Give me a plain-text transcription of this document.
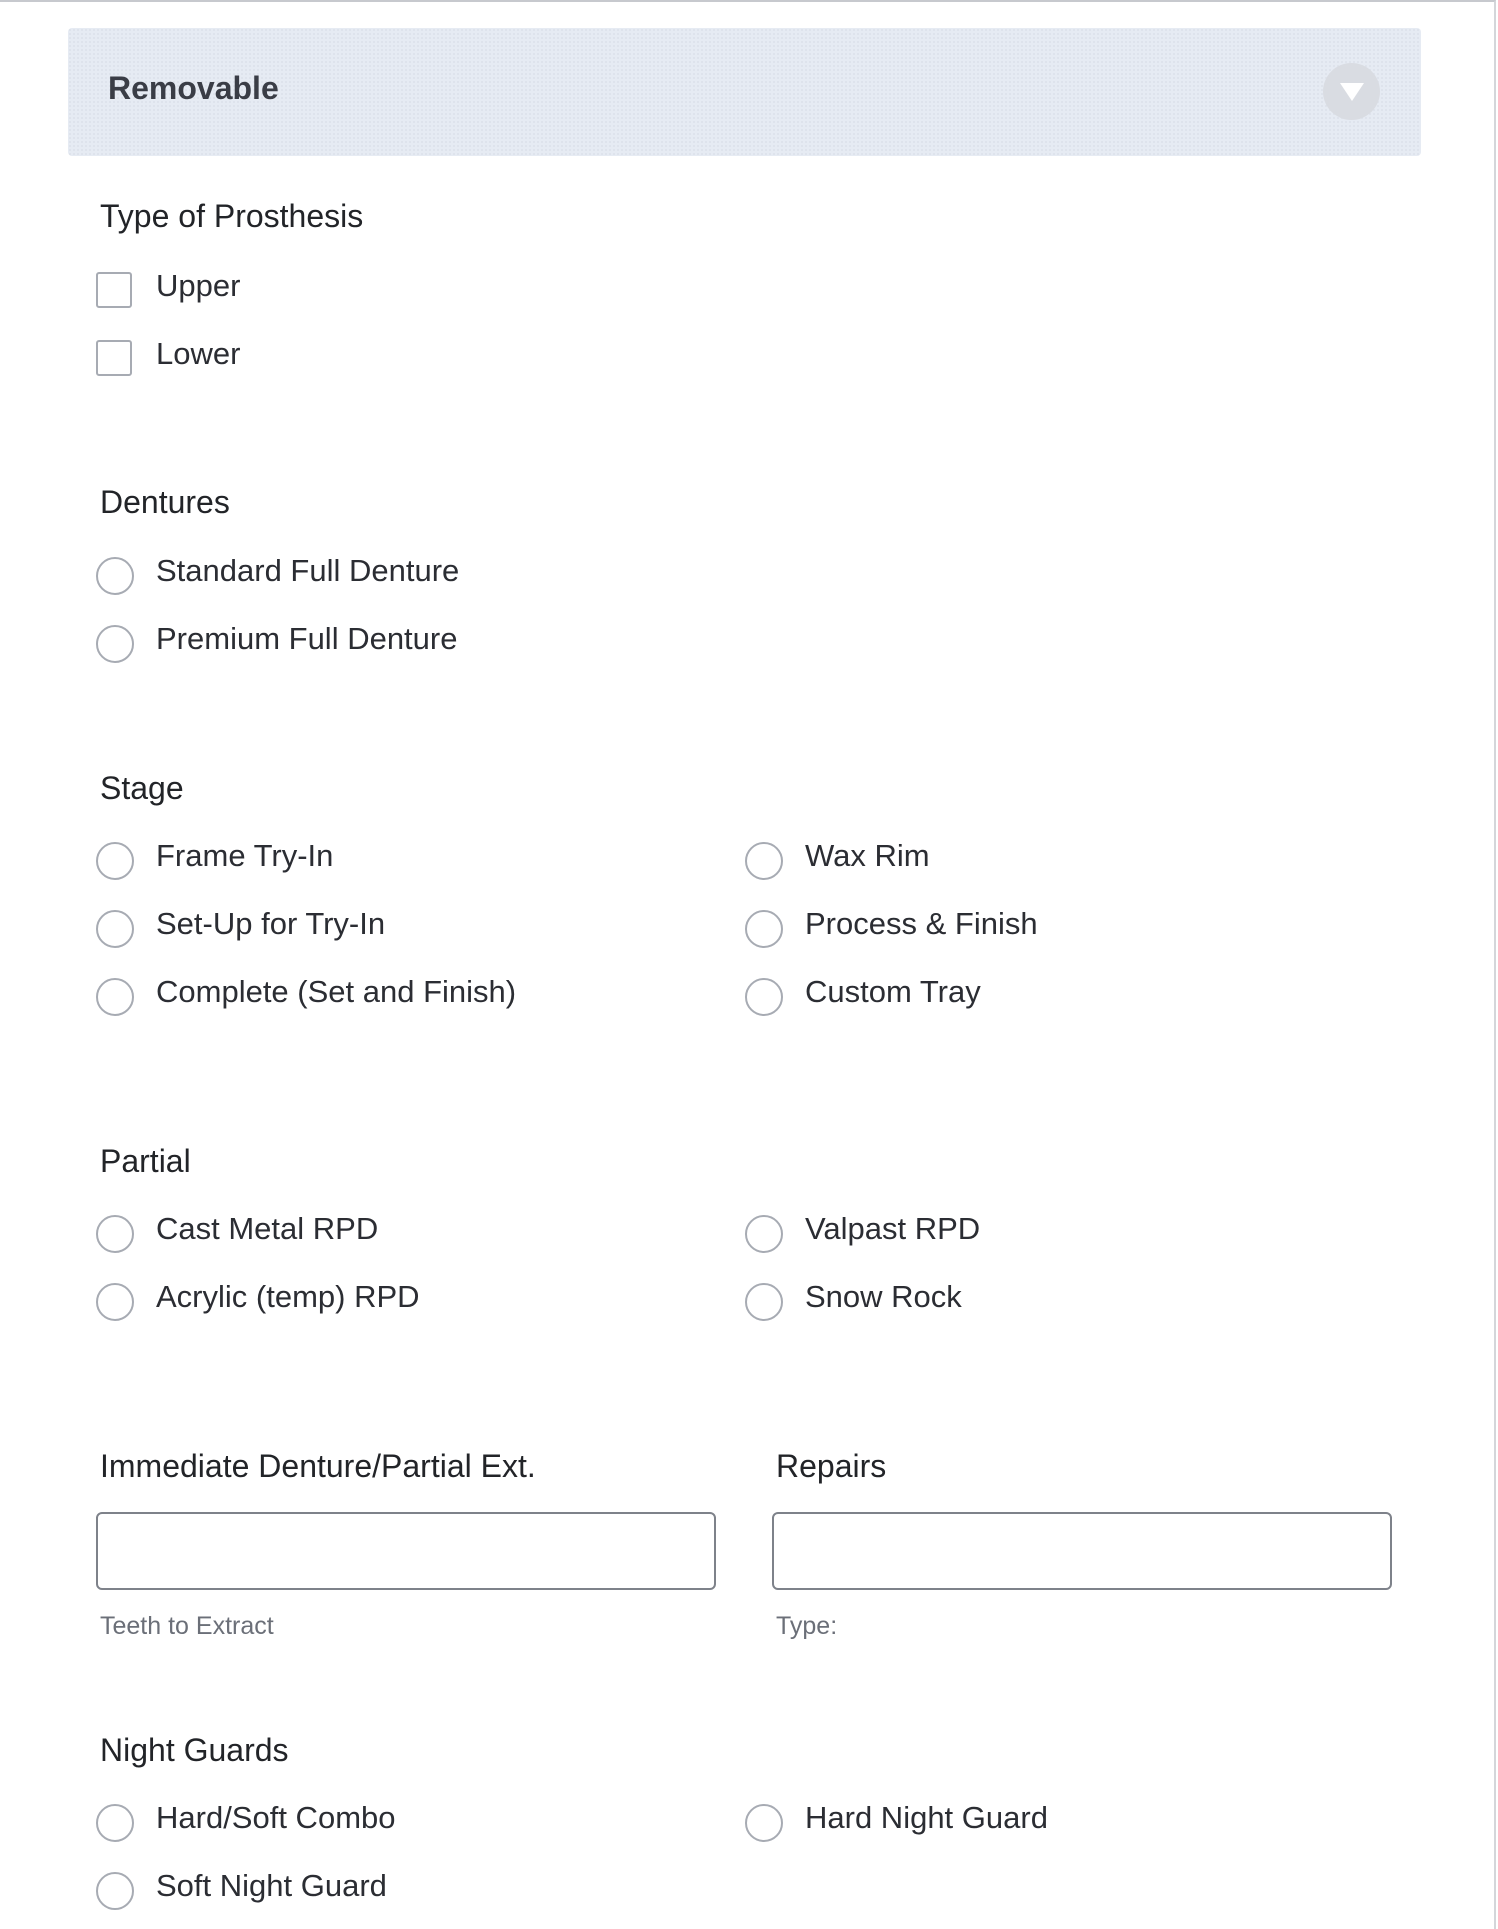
Removable
Type of Prosthesis
Upper
Lower
Dentures
Standard Full Denture
Premium Full Denture
Stage
Frame Try-In	Wax Rim
Set-Up for Try-In	Process & Finish
Complete (Set and Finish)	Custom Tray
Partial
Cast Metal RPD	Valpast RPD
Acrylic (temp) RPD	Snow Rock
Immediate Denture/Partial Ext.
Teeth to Extract
Repairs
Type:
Night Guards
Hard/Soft Combo	Hard Night Guard
Soft Night Guard
